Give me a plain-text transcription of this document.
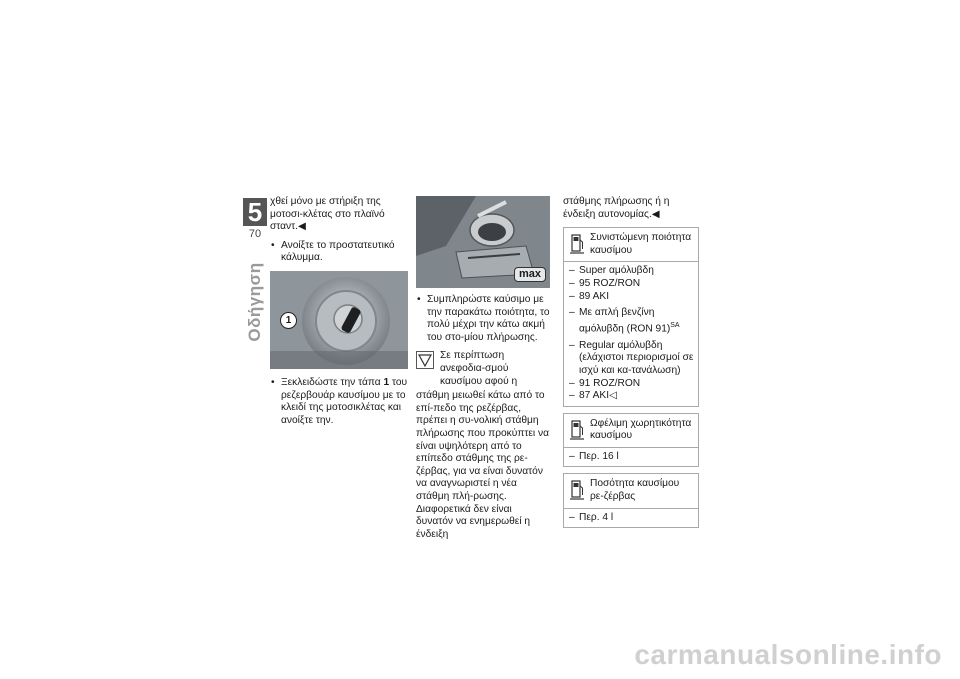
5
70
Οδήγηση

χθεί μόνο με στήριξη της μοτοσι-κλέτας στο πλαϊνό σταντ.◀

• Ανοίξτε το προστατευτικό κάλυμμα.
1
• Ξεκλειδώστε την τάπα 1 του ρεζερβουάρ καυσίμου με το κλειδί της μοτοσικλέτας και ανοίξτε την.
max
• Συμπληρώστε καύσιμο με την παρακάτω ποιότητα, το πολύ μέχρι την κάτω ακμή του στο-μίου πλήρωσης.
Σε περίπτωση ανεφοδια-σμού καυσίμου αφού η

στάθμη μειωθεί κάτω από το επί-πεδο της ρεζέρβας, πρέπει η συ-νολική στάθμη πλήρωσης που προκύπτει να είναι υψηλότερη από το επίπεδο στάθμης της ρε-ζέρβας, για να είναι δυνατόν να αναγνωριστεί η νέα στάθμη πλή-ρωσης. Διαφορετικά δεν είναι δυνατόν να ενημερωθεί η ένδειξη

στάθμης πλήρωσης ή η ένδειξη αυτονομίας.◀

Συνιστώμενη ποιότητα καυσίμου
– Super αμόλυβδη
– 95 ROZ/RON
– 89 AKI
– Με απλή βενζίνη αμόλυβδη (RON 91)$^{SA}$
– Regular αμόλυβδη (ελάχιστοι περιορισμοί σε ισχύ και κα-τανάλωση)
– 91 ROZ/RON
– 87 AKI◁
Ωφέλιμη χωρητικότητα καυσίμου
– Περ. 16 l
Ποσότητα καυσίμου ρε-ζέρβας
– Περ. 4 l
carmanualsonline.info
